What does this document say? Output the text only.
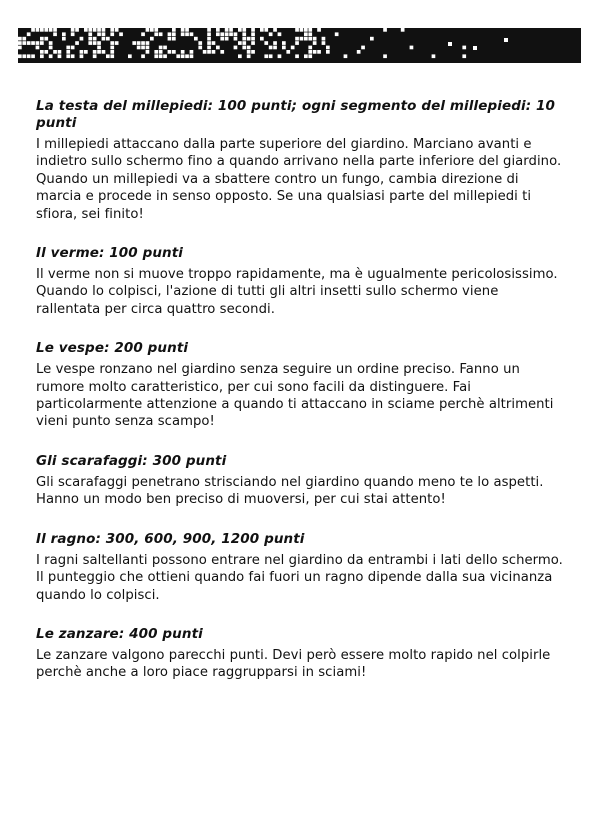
La testa del millepiedi: 100 punti; ogni segmento del millepiedi: 10 punti

I millepiedi attaccano dalla parte superiore del giardino. Marciano avanti e indietro sullo schermo fino a quando arrivano nella parte inferiore del giardino. Quando un millepiedi va a sbattere contro un fungo, cambia direzione di marcia e procede in senso opposto. Se una qualsiasi parte del millepiedi ti sfiora, sei finito!

Il verme: 100 punti

Il verme non si muove troppo rapidamente, ma è ugualmente pericolosissimo. Quando lo colpisci, l'azione di tutti gli altri insetti sullo schermo viene rallentata per circa quattro secondi.

Le vespe: 200 punti

Le vespe ronzano nel giardino senza seguire un ordine preciso. Fanno un rumore molto caratteristico, per cui sono facili da distinguere. Fai particolarmente attenzione a quando ti attaccano in sciame perchè altrimenti vieni punto senza scampo!

Gli scarafaggi: 300 punti

Gli scarafaggi penetrano strisciando nel giardino quando meno te lo aspetti. Hanno un modo ben preciso di muoversi, per cui stai attento!

Il ragno: 300, 600, 900, 1200 punti

I ragni saltellanti possono entrare nel giardino da entrambi i lati dello schermo. Il punteggio che ottieni quando fai fuori un ragno dipende dalla sua vicinanza quando lo colpisci.

Le zanzare: 400 punti

Le zanzare valgono parecchi punti. Devi però essere molto rapido nel colpirle perchè anche a loro piace raggrupparsi in sciami!
